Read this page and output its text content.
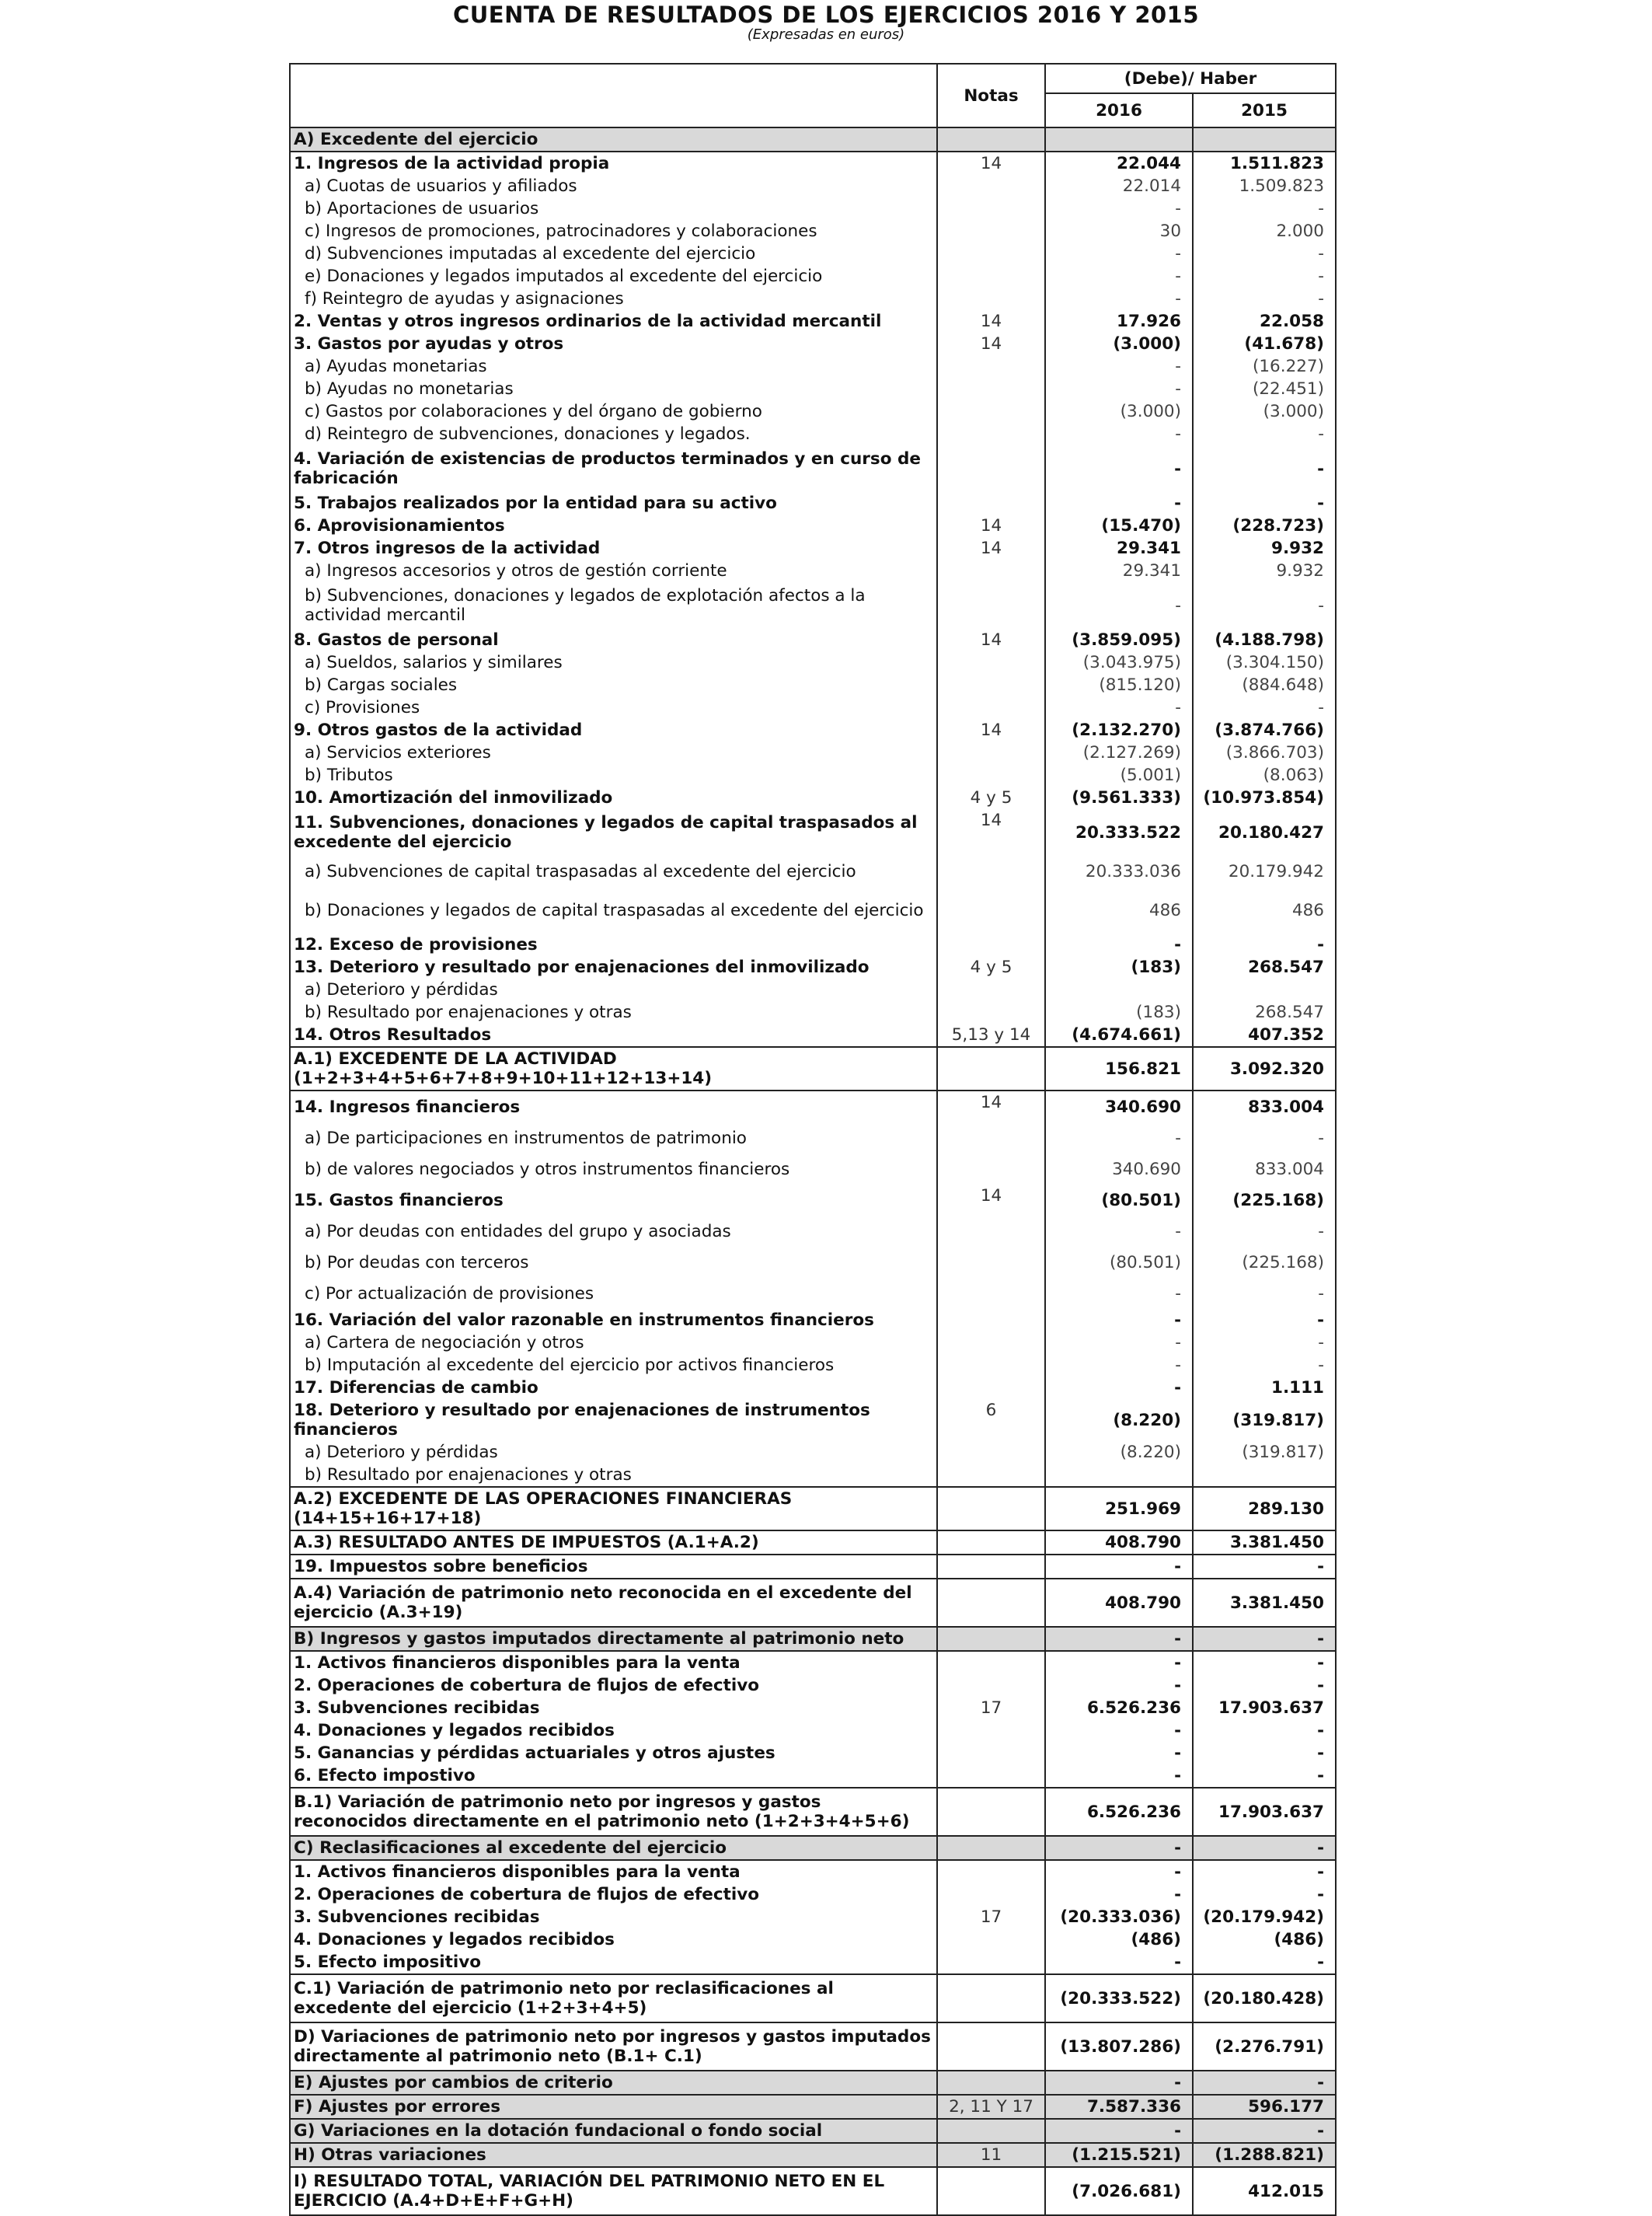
CUENTA DE RESULTADOS DE LOS EJERCICIOS 2016 Y 2015
(Expresadas en euros)
	Notas	(Debe)/ Haber	
		2016	2015
A) Excedente del ejercicio			
1. Ingresos de la actividad propia	14	22.044	1.511.823
a) Cuotas de usuarios y afiliados		22.014	1.509.823
b) Aportaciones de usuarios		-	-
c) Ingresos de promociones, patrocinadores y colaboraciones		30	2.000
d) Subvenciones imputadas al excedente del ejercicio		-	-
e) Donaciones y legados imputados al excedente del ejercicio		-	-
f) Reintegro de ayudas y asignaciones		-	-
2. Ventas y otros ingresos ordinarios de la actividad mercantil	14	17.926	22.058
3. Gastos por ayudas y otros	14	(3.000)	(41.678)
a) Ayudas monetarias		-	(16.227)
b) Ayudas no monetarias		-	(22.451)
c) Gastos por colaboraciones y del órgano de gobierno		(3.000)	(3.000)
d) Reintegro de subvenciones, donaciones y legados.		-	-
4. Variación de existencias de productos terminados y en curso de fabricación		-	-
5. Trabajos realizados por la entidad para su activo		-	-
6. Aprovisionamientos	14	(15.470)	(228.723)
7. Otros ingresos de la actividad	14	29.341	9.932
a) Ingresos accesorios y otros de gestión corriente		29.341	9.932
b) Subvenciones, donaciones y legados de explotación afectos a la actividad mercantil		-	-
8. Gastos de personal	14	(3.859.095)	(4.188.798)
a) Sueldos, salarios y similares		(3.043.975)	(3.304.150)
b) Cargas sociales		(815.120)	(884.648)
c) Provisiones		-	-
9. Otros gastos de la actividad	14	(2.132.270)	(3.874.766)
a) Servicios exteriores		(2.127.269)	(3.866.703)
b) Tributos		(5.001)	(8.063)
10. Amortización del inmovilizado	4 y 5	(9.561.333)	(10.973.854)
11. Subvenciones, donaciones y legados de capital traspasados al excedente del ejercicio	14	20.333.522	20.180.427
a) Subvenciones de capital traspasadas al excedente del ejercicio		20.333.036	20.179.942
b) Donaciones y legados de capital traspasadas al excedente del ejercicio		486	486
12. Exceso de provisiones		-	-
13. Deterioro y resultado por enajenaciones del inmovilizado	4 y 5	(183)	268.547
a) Deterioro y pérdidas			
b) Resultado por enajenaciones y otras		(183)	268.547
14. Otros Resultados	5,13 y 14	(4.674.661)	407.352
A.1) EXCEDENTE DE LA ACTIVIDAD (1+2+3+4+5+6+7+8+9+10+11+12+13+14)		156.821	3.092.320
14. Ingresos financieros	14	340.690	833.004
a) De participaciones en instrumentos de patrimonio		-	-
b) de valores negociados y otros instrumentos financieros		340.690	833.004
15. Gastos financieros	14	(80.501)	(225.168)
a) Por deudas con entidades del grupo y asociadas		-	-
b) Por deudas con terceros		(80.501)	(225.168)
c) Por actualización de provisiones		-	-
16. Variación del valor razonable en instrumentos financieros		-	-
a) Cartera de negociación y otros		-	-
b) Imputación al excedente del ejercicio por activos financieros		-	-
17. Diferencias de cambio		-	1.111
18. Deterioro y resultado por enajenaciones de instrumentos financieros	6	(8.220)	(319.817)
a) Deterioro y pérdidas		(8.220)	(319.817)
b) Resultado por enajenaciones y otras			
A.2) EXCEDENTE DE LAS OPERACIONES FINANCIERAS (14+15+16+17+18)		251.969	289.130
A.3) RESULTADO ANTES DE IMPUESTOS (A.1+A.2)		408.790	3.381.450
19. Impuestos sobre beneficios		-	-
A.4) Variación de patrimonio neto reconocida en el excedente del ejercicio (A.3+19)		408.790	3.381.450
B) Ingresos y gastos imputados directamente al patrimonio neto		-	-
1. Activos financieros disponibles para la venta		-	-
2. Operaciones de cobertura de flujos de efectivo		-	-
3. Subvenciones recibidas	17	6.526.236	17.903.637
4. Donaciones y legados recibidos		-	-
5. Ganancias y pérdidas actuariales y otros ajustes		-	-
6. Efecto impostivo		-	-
B.1) Variación de patrimonio neto por ingresos y gastos reconocidos directamente en el patrimonio neto (1+2+3+4+5+6)		6.526.236	17.903.637
C) Reclasificaciones al excedente del ejercicio		-	-
1. Activos financieros disponibles para la venta		-	-
2. Operaciones de cobertura de flujos de efectivo		-	-
3. Subvenciones recibidas	17	(20.333.036)	(20.179.942)
4. Donaciones y legados recibidos		(486)	(486)
5. Efecto impositivo		-	-
C.1) Variación de patrimonio neto por reclasificaciones al excedente del ejercicio (1+2+3+4+5)		(20.333.522)	(20.180.428)
D) Variaciones de patrimonio neto por ingresos y gastos imputados directamente al patrimonio neto (B.1+ C.1)		(13.807.286)	(2.276.791)
E) Ajustes por cambios de criterio		-	-
F) Ajustes por errores	2, 11 Y 17	7.587.336	596.177
G) Variaciones en la dotación fundacional o fondo social		-	-
H) Otras variaciones	11	(1.215.521)	(1.288.821)
I) RESULTADO TOTAL, VARIACIÓN DEL PATRIMONIO NETO EN EL EJERCICIO (A.4+D+E+F+G+H)		(7.026.681)	412.015
